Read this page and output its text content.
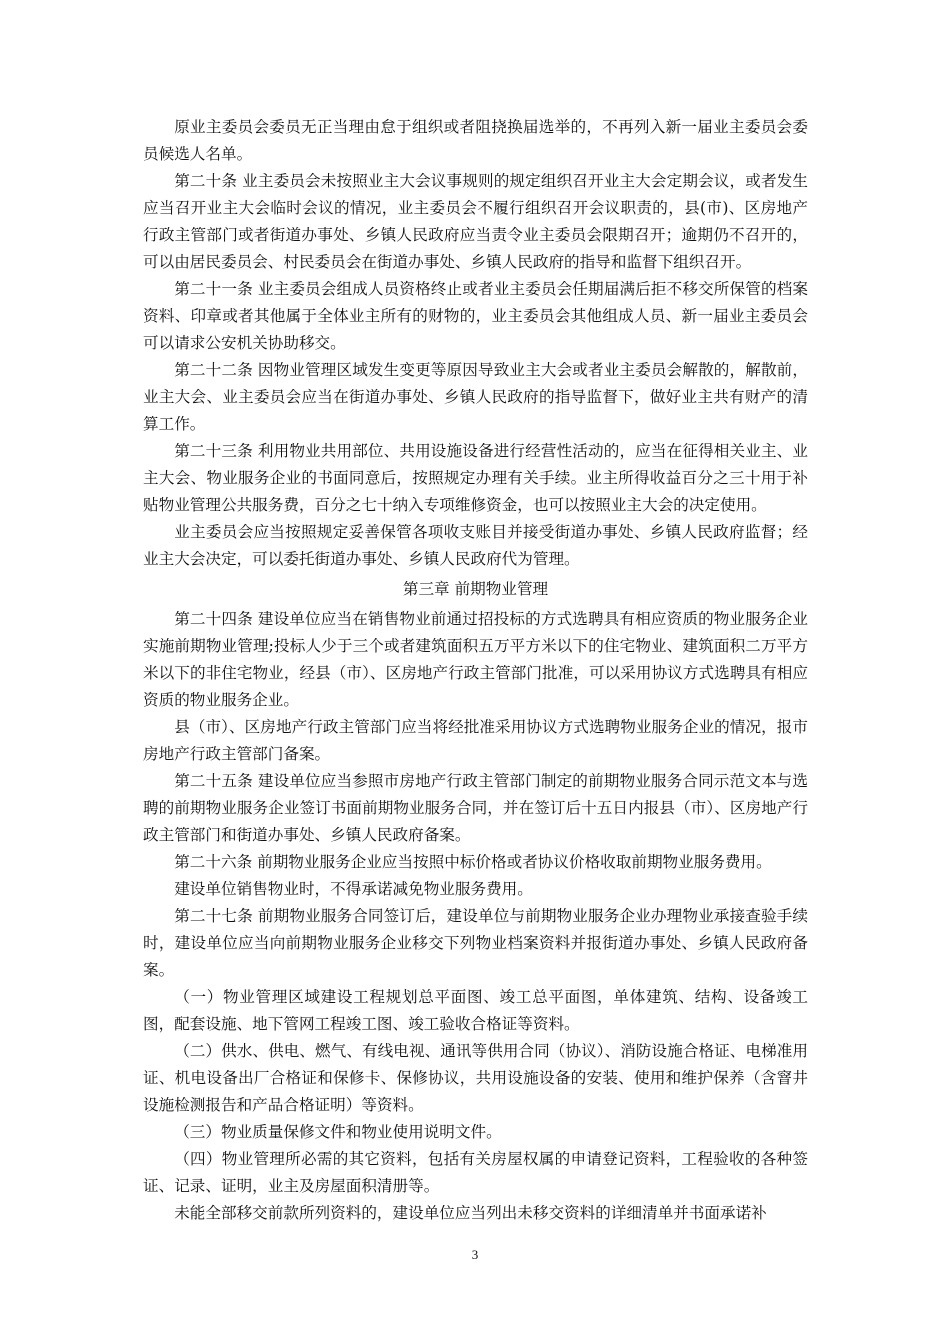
原业主委员会委员无正当理由怠于组织或者阻挠换届选举的，不再列入新一届业主委员会委员候选人名单。

第二十条 业主委员会未按照业主大会议事规则的规定组织召开业主大会定期会议，或者发生应当召开业主大会临时会议的情况，业主委员会不履行组织召开会议职责的，县(市)、区房地产行政主管部门或者街道办事处、乡镇人民政府应当责令业主委员会限期召开；逾期仍不召开的，可以由居民委员会、村民委员会在街道办事处、乡镇人民政府的指导和监督下组织召开。

第二十一条 业主委员会组成人员资格终止或者业主委员会任期届满后拒不移交所保管的档案资料、印章或者其他属于全体业主所有的财物的，业主委员会其他组成人员、新一届业主委员会可以请求公安机关协助移交。

第二十二条 因物业管理区域发生变更等原因导致业主大会或者业主委员会解散的，解散前，业主大会、业主委员会应当在街道办事处、乡镇人民政府的指导监督下，做好业主共有财产的清算工作。

第二十三条 利用物业共用部位、共用设施设备进行经营性活动的，应当在征得相关业主、业主大会、物业服务企业的书面同意后，按照规定办理有关手续。业主所得收益百分之三十用于补贴物业管理公共服务费，百分之七十纳入专项维修资金，也可以按照业主大会的决定使用。

业主委员会应当按照规定妥善保管各项收支账目并接受街道办事处、乡镇人民政府监督；经业主大会决定，可以委托街道办事处、乡镇人民政府代为管理。

第三章 前期物业管理

第二十四条 建设单位应当在销售物业前通过招投标的方式选聘具有相应资质的物业服务企业实施前期物业管理;投标人少于三个或者建筑面积五万平方米以下的住宅物业、建筑面积二万平方米以下的非住宅物业，经县（市）、区房地产行政主管部门批准，可以采用协议方式选聘具有相应资质的物业服务企业。

县（市）、区房地产行政主管部门应当将经批准采用协议方式选聘物业服务企业的情况，报市房地产行政主管部门备案。

第二十五条 建设单位应当参照市房地产行政主管部门制定的前期物业服务合同示范文本与选聘的前期物业服务企业签订书面前期物业服务合同，并在签订后十五日内报县（市）、区房地产行政主管部门和街道办事处、乡镇人民政府备案。

第二十六条 前期物业服务企业应当按照中标价格或者协议价格收取前期物业服务费用。

建设单位销售物业时，不得承诺减免物业服务费用。

第二十七条 前期物业服务合同签订后，建设单位与前期物业服务企业办理物业承接查验手续时，建设单位应当向前期物业服务企业移交下列物业档案资料并报街道办事处、乡镇人民政府备案。

（一）物业管理区域建设工程规划总平面图、竣工总平面图，单体建筑、结构、设备竣工图，配套设施、地下管网工程竣工图、竣工验收合格证等资料。

（二）供水、供电、燃气、有线电视、通讯等供用合同（协议）、消防设施合格证、电梯准用证、机电设备出厂合格证和保修卡、保修协议，共用设施设备的安装、使用和维护保养（含窨井设施检测报告和产品合格证明）等资料。

（三）物业质量保修文件和物业使用说明文件。

（四）物业管理所必需的其它资料，包括有关房屋权属的申请登记资料，工程验收的各种签证、记录、证明，业主及房屋面积清册等。

未能全部移交前款所列资料的，建设单位应当列出未移交资料的详细清单并书面承诺补

3
